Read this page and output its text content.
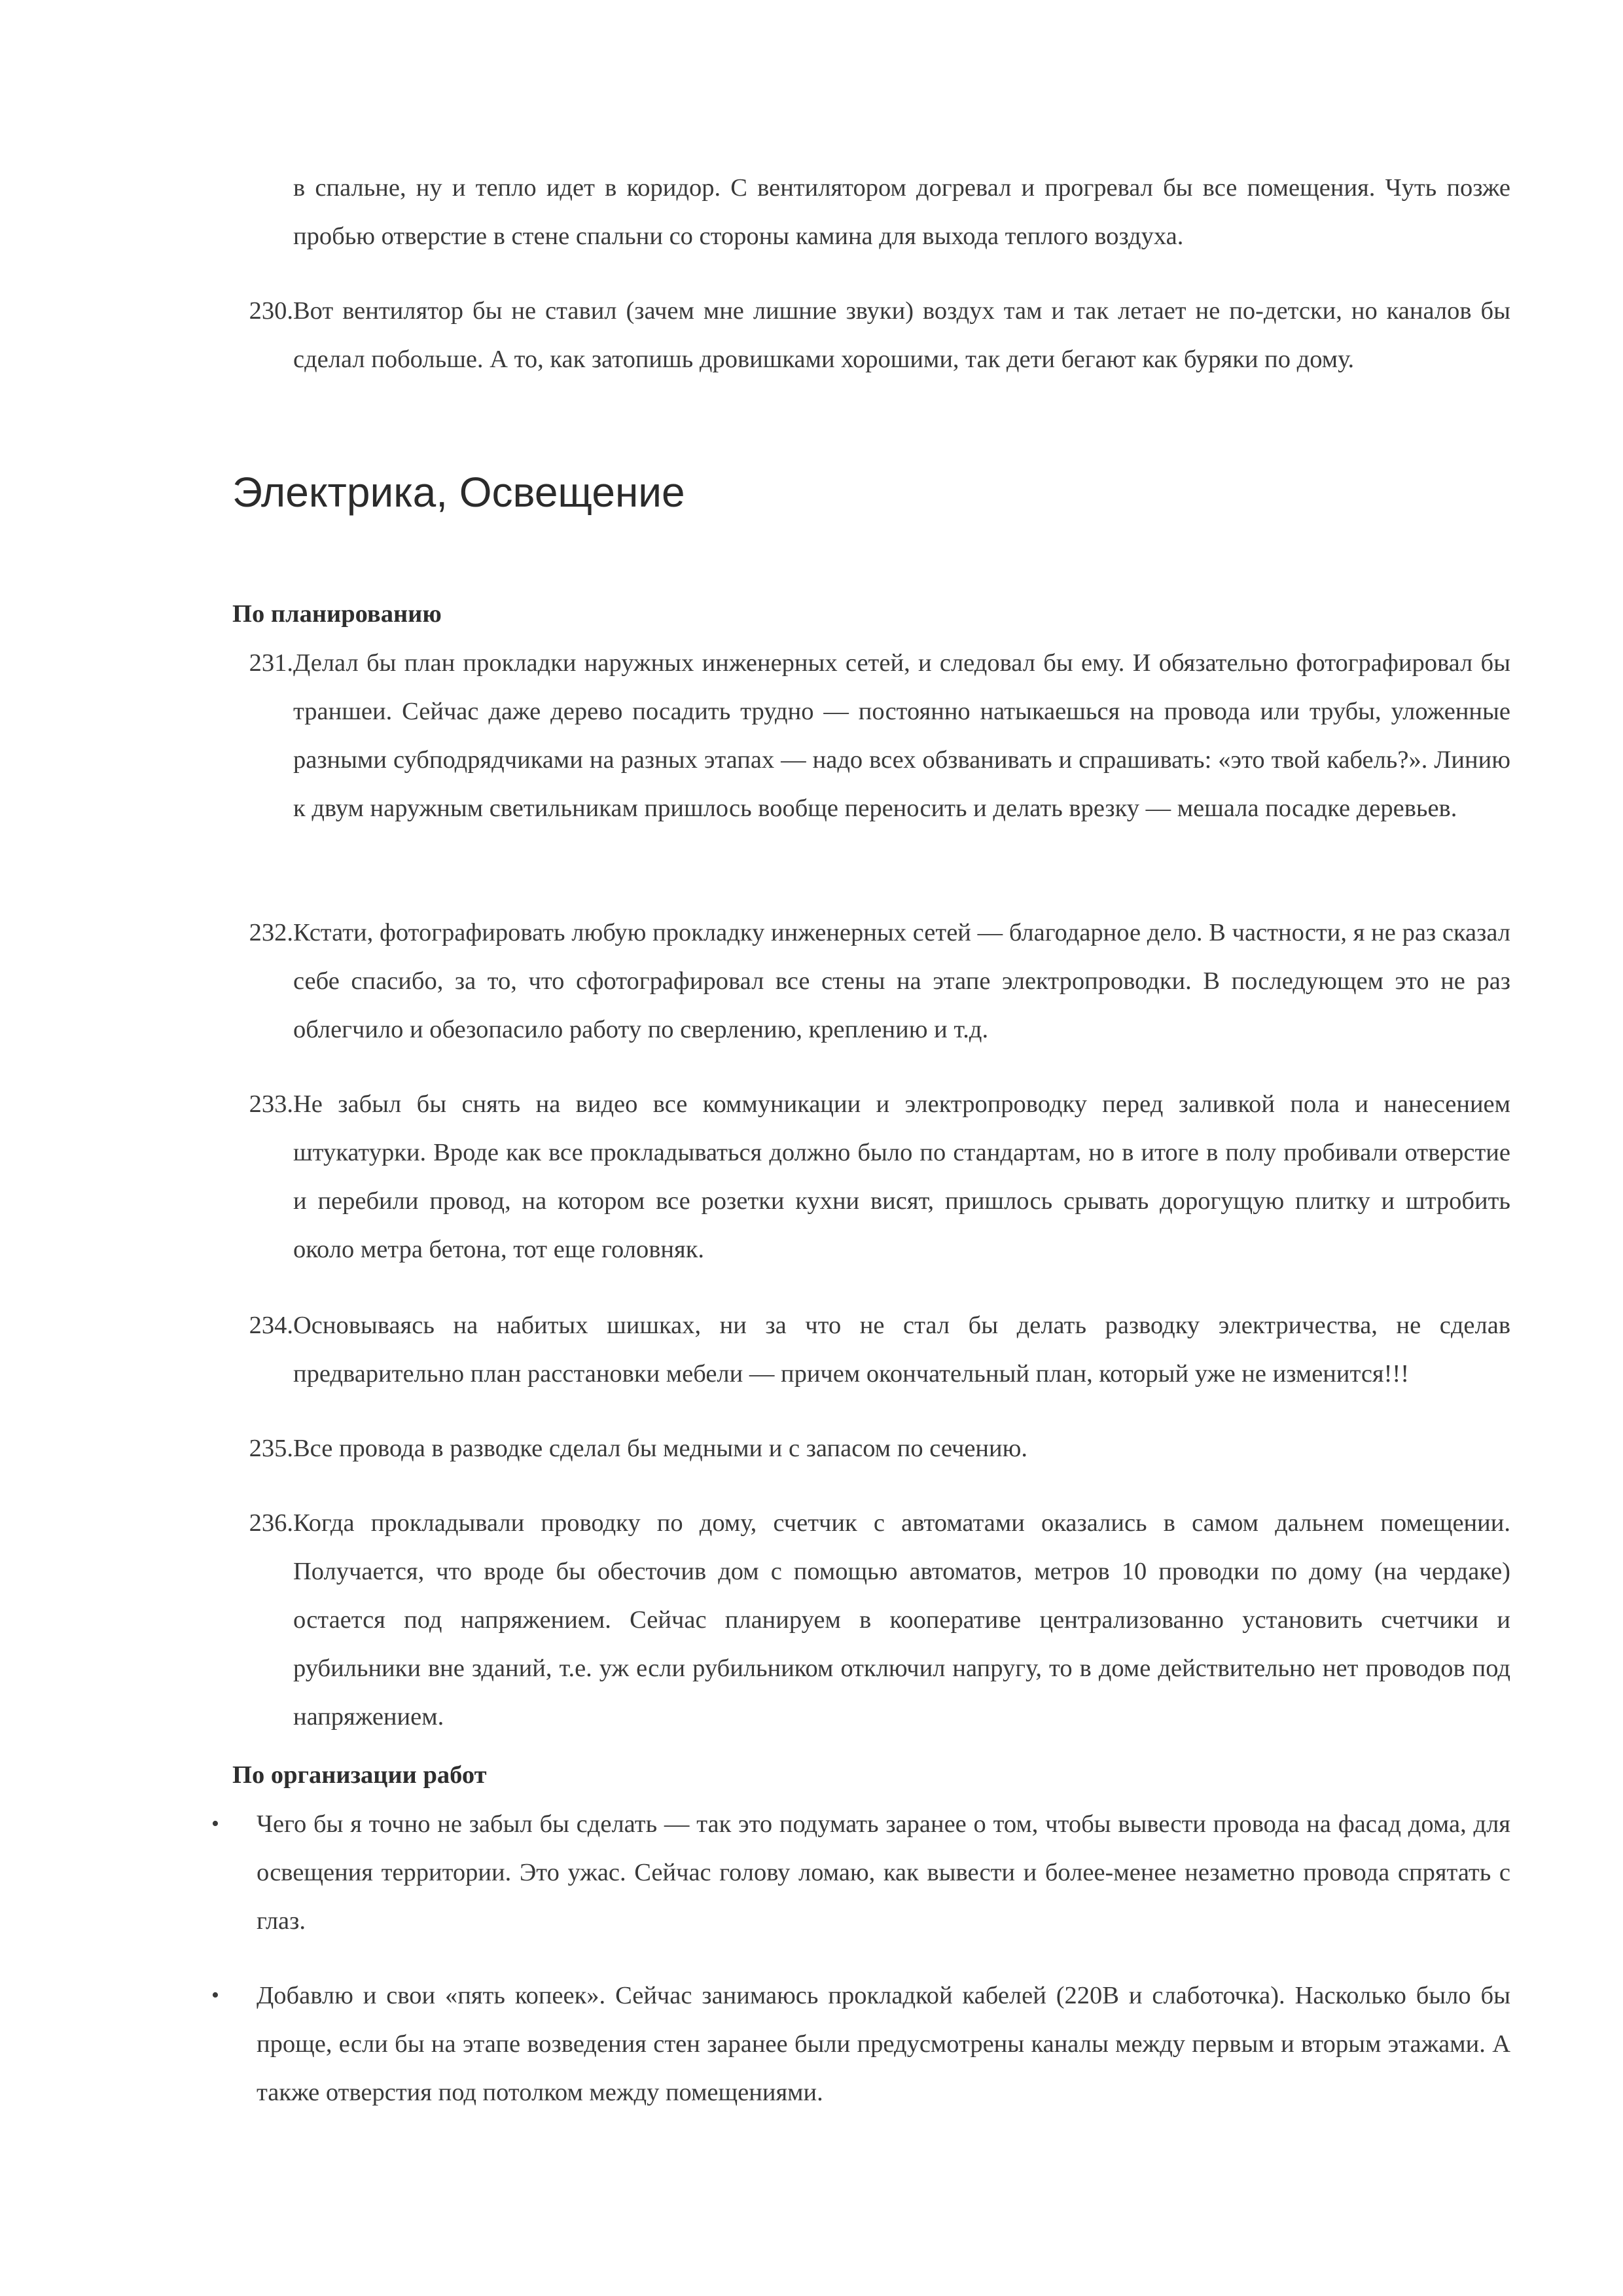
в спальне, ну и тепло идет в коридор. С вентилятором догревал и прогревал бы все помещения. Чуть позже пробью отверстие в стене спальни со стороны камина для выхода теплого воздуха.

230. Вот вентилятор бы не ставил (зачем мне лишние звуки) воздух там и так летает не по-детски, но каналов бы сделал побольше. А то, как затопишь дровишками хорошими, так дети бегают как буряки по дому.
Электрика, Освещение
По планированию
231. Делал бы план прокладки наружных инженерных сетей, и следовал бы ему. И обязательно фотографировал бы траншеи. Сейчас даже дерево посадить трудно — постоянно натыкаешься на провода или трубы, уложенные разными субподрядчиками на разных этапах — надо всех обзванивать и спрашивать: «это твой кабель?». Линию к двум наружным светильникам пришлось вообще переносить и делать врезку — мешала посадке деревьев.
232. Кстати, фотографировать любую прокладку инженерных сетей — благодарное дело. В частности, я не раз сказал себе спасибо, за то, что сфотографировал все стены на этапе электропроводки. В последующем это не раз облегчило и обезопасило работу по сверлению, креплению и т.д.
233. Не забыл бы снять на видео все коммуникации и электропроводку перед заливкой пола и нанесением штукатурки. Вроде как все прокладываться должно было по стандартам, но в итоге в полу пробивали отверстие и перебили провод, на котором все розетки кухни висят, пришлось срывать дорогущую плитку и штробить около метра бетона, тот еще головняк.
234. Основываясь на набитых шишках, ни за что не стал бы делать разводку электричества, не сделав предварительно план расстановки мебели — причем окончательный план, который уже не изменится!!!
235. Все провода в разводке сделал бы медными и с запасом по сечению.
236. Когда прокладывали проводку по дому, счетчик с автоматами оказались в самом дальнем помещении. Получается, что вроде бы обесточив дом с помощью автоматов, метров 10 проводки по дому (на чердаке) остается под напряжением. Сейчас планируем в кооперативе централизованно установить счетчики и рубильники вне зданий, т.е. уж если рубильником отключил напругу, то в доме действительно нет проводов под напряжением.
По организации работ
• Чего бы я точно не забыл бы сделать — так это подумать заранее о том, чтобы вывести провода на фасад дома, для освещения территории. Это ужас. Сейчас голову ломаю, как вывести и более-менее незаметно провода спрятать с глаз.
• Добавлю и свои «пять копеек». Сейчас занимаюсь прокладкой кабелей (220В и слаботочка). Насколько было бы проще, если бы на этапе возведения стен заранее были предусмотрены каналы между первым и вторым этажами. А также отверстия под потолком между помещениями.
